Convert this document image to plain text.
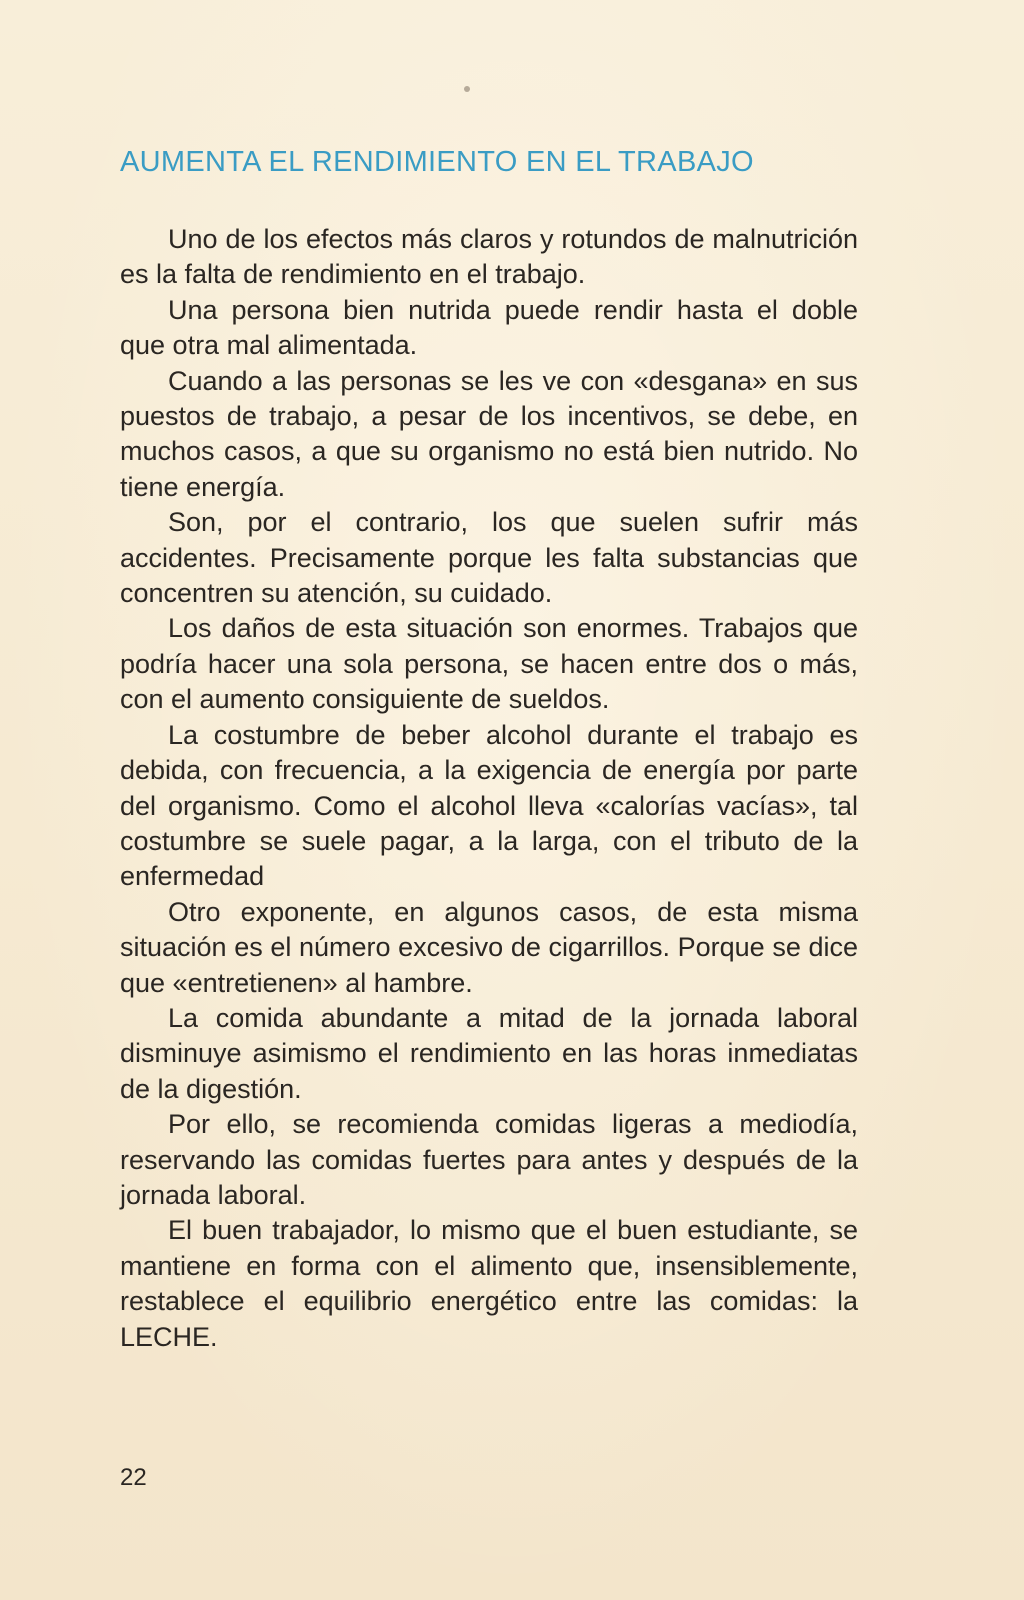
AUMENTA EL RENDIMIENTO EN EL TRABAJO

Uno de los efectos más claros y rotundos de malnutrición es la falta de rendimiento en el trabajo.

Una persona bien nutrida puede rendir hasta el doble que otra mal alimentada.

Cuando a las personas se les ve con «desgana» en sus puestos de trabajo, a pesar de los incentivos, se debe, en muchos casos, a que su organismo no está bien nutrido. No tiene energía.

Son, por el contrario, los que suelen sufrir más accidentes. Precisamente porque les falta substancias que concentren su atención, su cuidado.

Los daños de esta situación son enormes. Trabajos que podría hacer una sola persona, se hacen entre dos o más, con el aumento consiguiente de sueldos.

La costumbre de beber alcohol durante el trabajo es debida, con frecuencia, a la exigencia de energía por parte del organismo. Como el alcohol lleva «calorías vacías», tal costumbre se suele pagar, a la larga, con el tributo de la enfermedad

Otro exponente, en algunos casos, de esta misma situación es el número excesivo de cigarrillos. Porque se dice que «entretienen» al hambre.

La comida abundante a mitad de la jornada laboral disminuye asimismo el rendimiento en las horas inmediatas de la digestión.

Por ello, se recomienda comidas ligeras a mediodía, reservando las comidas fuertes para antes y después de la jornada laboral.

El buen trabajador, lo mismo que el buen estudiante, se mantiene en forma con el alimento que, insensiblemente, restablece el equilibrio energético entre las comidas: la LECHE.

22
